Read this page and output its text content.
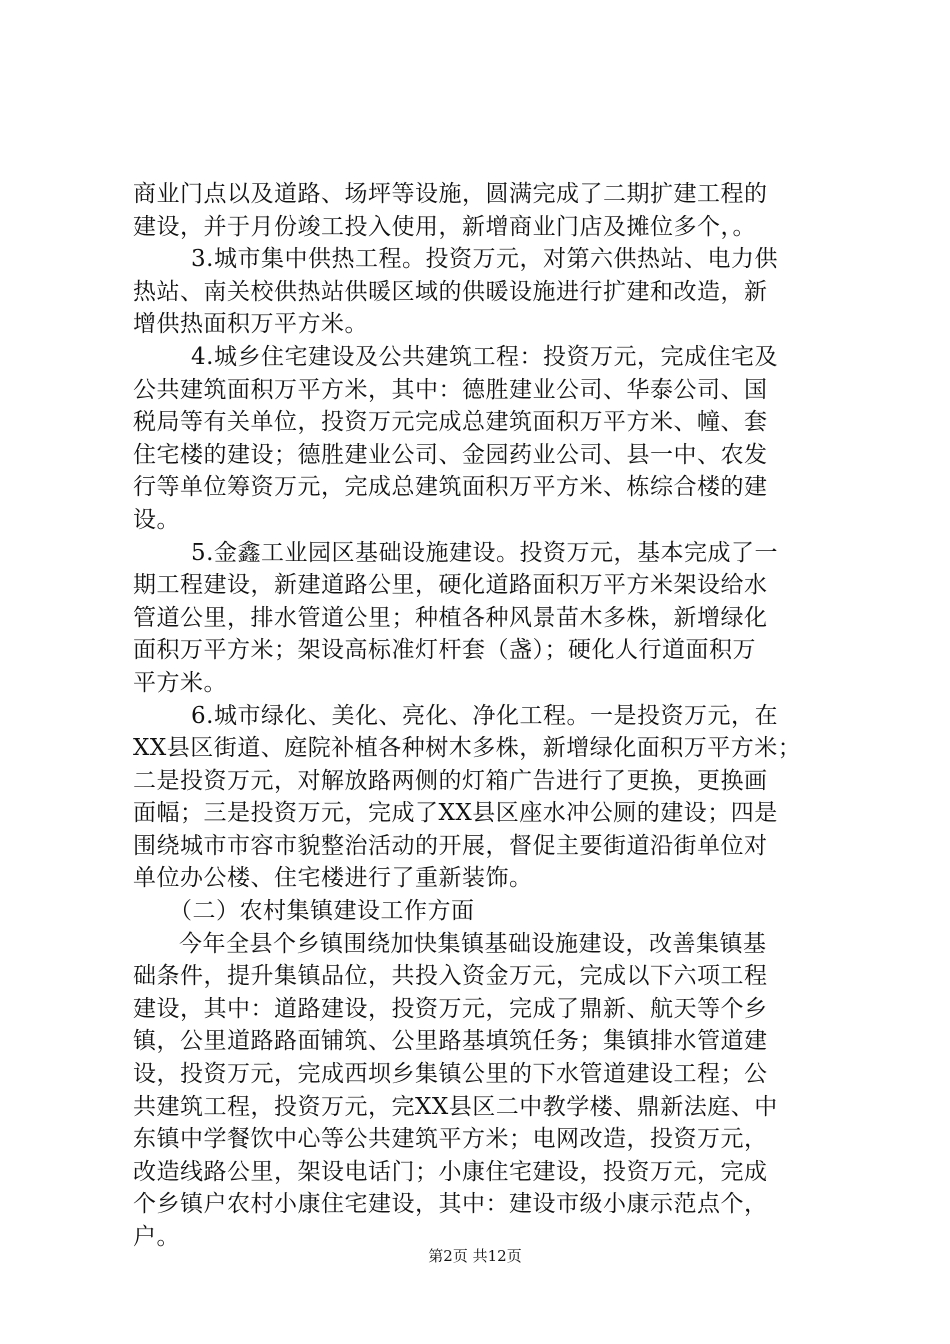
商业门点以及道路、场坪等设施，圆满完成了二期扩建工程的
建设，并于月份竣工投入使用，新增商业门店及摊位多个，。
3.城市集中供热工程。投资万元，对第六供热站、电力供
热站、南关校供热站供暖区域的供暖设施进行扩建和改造，新
增供热面积万平方米。
4.城乡住宅建设及公共建筑工程：投资万元，完成住宅及
公共建筑面积万平方米，其中：德胜建业公司、华泰公司、国
税局等有关单位，投资万元完成总建筑面积万平方米、幢、套
住宅楼的建设；德胜建业公司、金园药业公司、县一中、农发
行等单位筹资万元，完成总建筑面积万平方米、栋综合楼的建
设。
5.金鑫工业园区基础设施建设。投资万元，基本完成了一
期工程建设，新建道路公里，硬化道路面积万平方米架设给水
管道公里，排水管道公里；种植各种风景苗木多株，新增绿化
面积万平方米；架设高标准灯杆套（盏）；硬化人行道面积万
平方米。
6.城市绿化、美化、亮化、净化工程。一是投资万元，在
XX县区街道、庭院补植各种树木多株，新增绿化面积万平方米；
二是投资万元，对解放路两侧的灯箱广告进行了更换，更换画
面幅；三是投资万元，完成了XX县区座水冲公厕的建设；四是
围绕城市市容市貌整治活动的开展，督促主要街道沿街单位对
单位办公楼、住宅楼进行了重新装饰。
（二）农村集镇建设工作方面
今年全县个乡镇围绕加快集镇基础设施建设，改善集镇基
础条件，提升集镇品位，共投入资金万元，完成以下六项工程
建设，其中：道路建设，投资万元，完成了鼎新、航天等个乡
镇，公里道路路面铺筑、公里路基填筑任务；集镇排水管道建
设，投资万元，完成西坝乡集镇公里的下水管道建设工程；公
共建筑工程，投资万元，完XX县区二中教学楼、鼎新法庭、中
东镇中学餐饮中心等公共建筑平方米；电网改造，投资万元，
改造线路公里，架设电话门；小康住宅建设，投资万元，完成
个乡镇户农村小康住宅建设，其中：建设市级小康示范点个，
户。
第2页 共12页
